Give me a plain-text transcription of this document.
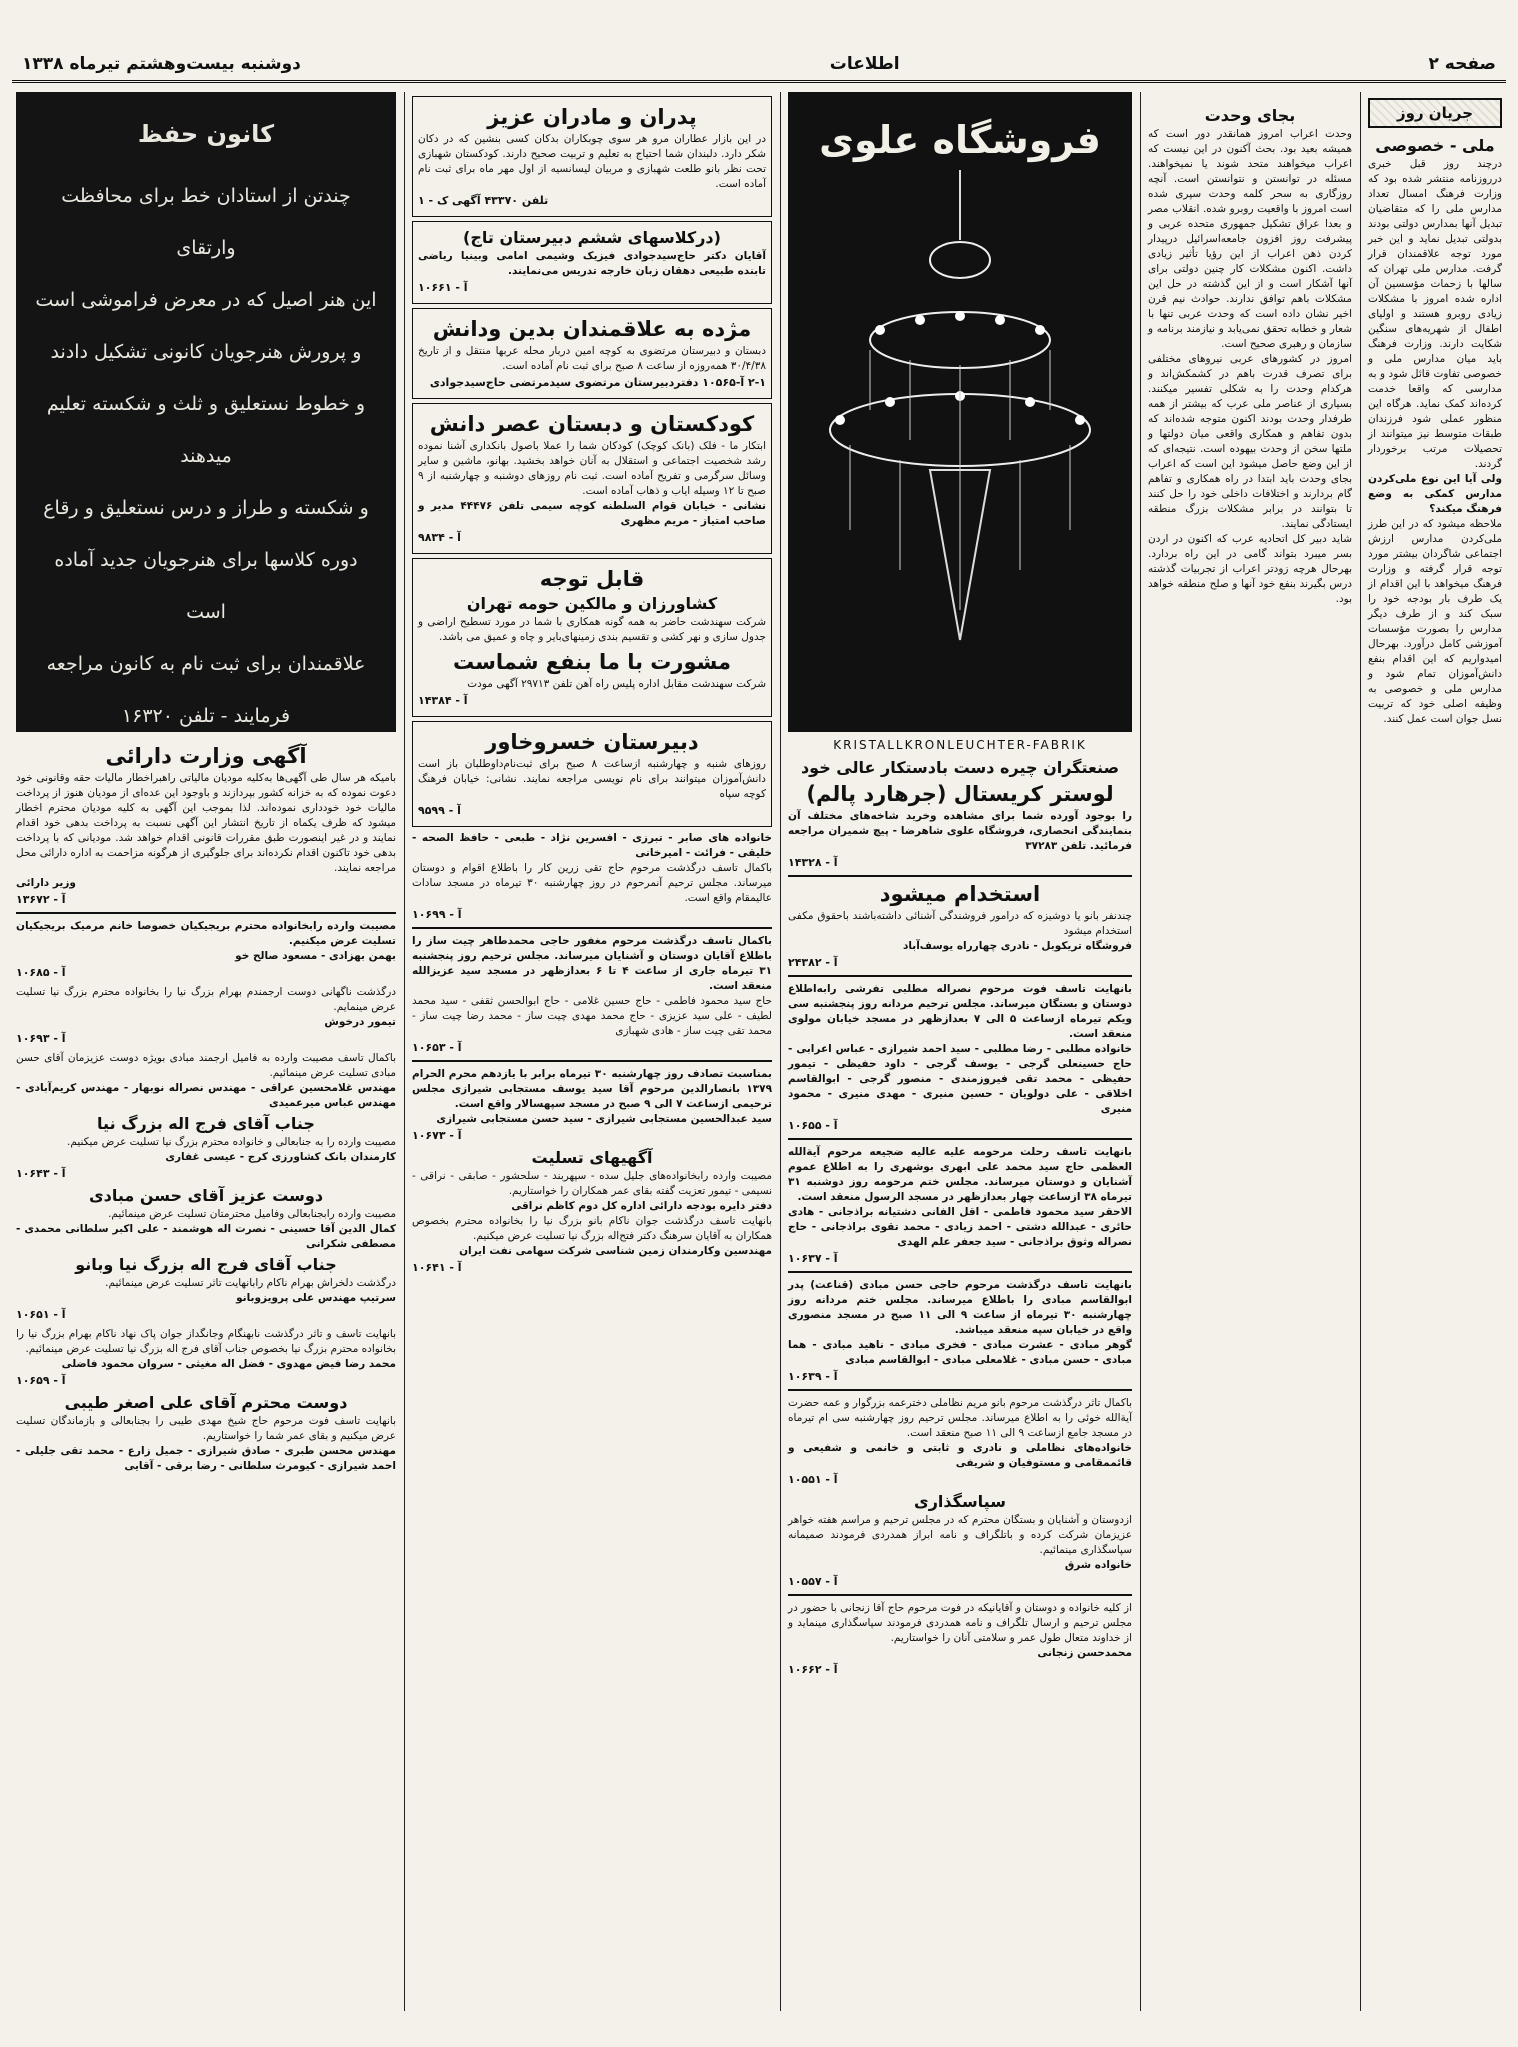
صفحه ۲
اطلاعات
دوشنبه بیست‌وهشتم تیرماه ۱۳۳۸
جریان روز
ملی - خصوصی

درچند روز قبل خبری درروزنامه منتشر شده بود که وزارت فرهنگ امسال تعداد مدارس ملی را که متقاضیان تبدیل آنها بمدارس دولتی بودند بدولتی تبدیل نماید و این خبر مورد توجه علاقمندان قرار گرفت. مدارس ملی تهران که سالها با زحمات مؤسسین آن اداره شده امروز با مشکلات زیادی روبرو هستند و اولیای اطفال از شهریه‌های سنگین شکایت دارند. وزارت فرهنگ باید میان مدارس ملی و خصوصی تفاوت قائل شود و به مدارسی که واقعا خدمت کرده‌اند کمک نماید. هرگاه این منظور عملی شود فرزندان طبقات متوسط نیز میتوانند از تحصیلات مرتب برخوردار گردند.

ولی آیا این نوع ملی‌کردن مدارس کمکی به وضع فرهنگ میکند؟

ملاحظه میشود که در این طرز ملی‌کردن مدارس ارزش اجتماعی شاگردان بیشتر مورد توجه قرار گرفته و وزارت فرهنگ میخواهد با این اقدام از یک طرف بار بودجه خود را سبک کند و از طرف دیگر مدارس را بصورت مؤسسات آموزشی کامل درآورد. بهرحال امیدواریم که این اقدام بنفع دانش‌آموزان تمام شود و مدارس ملی و خصوصی به وظیفه اصلی خود که تربیت نسل جوان است عمل کنند.

بجای وحدت

وحدت اعراب امروز همانقدر دور است که همیشه بعید بود. بحث آکنون در این نیست که اعراب میخواهند متحد شوند یا نمیخواهند. مسئله در توانستن و نتوانستن است. آنچه روزگاری به سحر کلمه وحدت سپری شده است امروز با واقعیت روبرو شده. انقلاب مصر و بعدا عراق تشکیل جمهوری متحده عربی و پیشرفت روز افزون جامعه‌اسرائیل درپیدار کردن ذهن اعراب از این رؤیا تأثیر زیادی داشت. اکنون مشکلات کار چنین دولتی برای آنها آشکار است و از این گذشته در حل این مشکلات باهم توافق ندارند. حوادث نیم قرن اخیر نشان داده است که وحدت عربی تنها با شعار و خطابه تحقق نمی‌یابد و نیازمند برنامه و سازمان و رهبری صحیح است.

امروز در کشورهای عربی نیروهای مختلفی برای تصرف قدرت باهم در کشمکش‌اند و هرکدام وحدت را به شکلی تفسیر میکنند. بسیاری از عناصر ملی عرب که بیشتر از همه طرفدار وحدت بودند اکنون متوجه شده‌اند که بدون تفاهم و همکاری واقعی میان دولتها و ملتها سخن از وحدت بیهوده است. نتیجه‌ای که از این وضع حاصل میشود این است که اعراب بجای وحدت باید ابتدا در راه همکاری و تفاهم گام بردارند و اختلافات داخلی خود را حل کنند تا بتوانند در برابر مشکلات بزرگ منطقه ایستادگی نمایند.

شاید دبیر کل اتحادیه عرب که اکنون در اردن بسر میبرد بتواند گامی در این راه بردارد. بهرحال هرچه زودتر اعراب از تجربیات گذشته درس بگیرند بنفع خود آنها و صلح منطقه خواهد بود.

فروشگاه علوی
KRISTALLKRONLEUCHTER-FABRIK
صنعتگران چیره دست بادستکار عالی خود
لوستر کریستال (جرهارد پالم)

را بوجود آورده شما برای مشاهده وخرید شاخه‌های مختلف آن بنمایندگی انحصاری، فروشگاه علوی شاهرضا - پیچ شمیران مراجعه فرمائید. تلفن ۳۷۲۸۳

آ - ۱۴۳۲۸
استخدام میشود

چندنفر بانو یا دوشیزه که درامور فروشندگی آشنائی داشته‌باشند باحقوق مکفی استخدام میشود

فروشگاه تریکوبل - نادری چهارراه یوسف‌آباد

آ - ۲۴۳۸۲

بانهایت تاسف فوت مرحوم نصراله مطلبی تفرشی رابه‌اطلاع دوستان و بستگان میرساند. مجلس ترحیم مردانه روز پنجشنبه سی ویکم تیرماه ازساعت ۵ الی ۷ بعدازظهر در مسجد خیابان مولوی منعقد است.

خانواده مطلبی - رضا مطلبی - سید احمد شیرازی - عباس اعرابی - حاج حسینعلی گرجی - یوسف گرجی - داود حفیظی - تیمور حفیظی - محمد تقی فیروزمندی - منصور گرجی - ابوالقاسم اخلاقی - علی دولویان - حسین منیری - مهدی منیری - محمود منیری

آ - ۱۰۶۵۵

بانهایت تاسف رحلت مرحومه علیه عالیه ضجیعه مرحوم آیةالله العظمی حاج سید محمد علی ابهری بوشهری را به اطلاع عموم آشنایان و دوستان میرساند. مجلس ختم مرحومه روز دوشنبه ۳۱ تیرماه ۳۸ ازساعت چهار بعدازظهر در مسجد الرسول منعقد است.

الاحقر سید محمود فاطمی - اقل الفانی دشتیانه براذجانی - هادی حائری - عبدالله دشتی - احمد زیادی - محمد تقوی براذجانی - حاج نصراله وثوق براذجانی - سید جعفر علم الهدی

آ - ۱۰۶۳۷

بانهایت تاسف درگذشت مرحوم حاجی حسن مبادی (قناعت) پدر ابوالقاسم مبادی را باطلاع میرساند. مجلس ختم مردانه روز چهارشنبه ۳۰ تیرماه از ساعت ۹ الی ۱۱ صبح در مسجد منصوری واقع در خیابان سپه منعقد میباشد.

گوهر مبادی - عشرت مبادی - فخری مبادی - ناهید مبادی - هما مبادی - حسن مبادی - غلامعلی مبادی - ابوالقاسم مبادی

آ - ۱۰۶۳۹

باکمال تاثر درگذشت مرحوم بانو مریم نظاملی دخترعمه بزرگوار و عمه حضرت آیةالله خوئی را به اطلاع میرساند. مجلس ترحیم روز چهارشنبه سی ام تیرماه در مسجد جامع ازساعت ۹ الی ۱۱ صبح منعقد است.

خانواده‌های نظاملی و نادری و ثابتی و خانمی و شفیعی و قائممقامی و مستوفیان و شریفی

آ - ۱۰۵۵۱
سپاسگذاری

ازدوستان و آشنایان و بستگان محترم که در مجلس ترحیم و مراسم هفته خواهر عزیزمان شرکت کرده و باتلگراف و نامه ابراز همدردی فرمودند صمیمانه سپاسگذاری مینمائیم.

خانواده شرق

آ - ۱۰۵۵۷

از کلیه خانواده و دوستان و آقایانیکه در فوت مرحوم حاج آقا زنجانی با حضور در مجلس ترحیم و ارسال تلگراف و نامه همدردی فرمودند سپاسگذاری مینماید و از خداوند متعال طول عمر و سلامتی آنان را خواستاریم.

محمدحسن زنجانی

آ - ۱۰۶۶۲
پدران و مادران عزیز

در این بازار عطاران مرو هر سوی چوبکاران بدکان کسی بنشین که در دکان شکر دارد. دلبندان شما احتیاج به تعلیم و تربیت صحیح دارند. کودکستان شهبازی تحت نظر بانو طلعت شهبازی و مربیان لیسانسیه از اول مهر ماه برای ثبت نام آماده است.

تلفن ۴۳۳۷۰ آگهی ک - ۱
(درکلاسهای ششم دبیرستان تاج)

آقایان دکتر حاج‌سیدجوادی فیزیک وشیمی امامی وبینیا ریاضی تابنده طبیعی دهقان زبان خارجه تدریس می‌نمایند.

آ - ۱۰۶۶۱
مژده به علاقمندان بدین ودانش

دبستان و دبیرستان مرتضوی به کوچه امین دربار محله عربها منتقل و از تاریخ ۳۰/۴/۳۸ همه‌روزه از ساعت ۸ صبح برای ثبت نام آماده است.

۲-۱ آ-۱۰۵۶۵ دفتردبیرستان مرتضوی سیدمرتضی حاج‌سیدجوادی
کودکستان و دبستان عصر دانش

ابتکار ما - فلک (بانک کوچک) کودکان شما را عملا باصول بانکداری آشنا نموده رشد شخصیت اجتماعی و استقلال به آنان خواهد بخشید. بهانو، ماشین و سایر وسائل سرگرمی و تفریح آماده است. ثبت نام روزهای دوشنبه و چهارشنبه از ۹ صبح تا ۱۲ وسیله ایاب و ذهاب آماده است.

نشانی - خیابان قوام السلطنه کوچه سیمی تلفن ۴۴۴۷۶ مدیر و صاحب امتیاز - مریم مظهری

آ - ۹۸۳۴
قابل توجه
کشاورزان و مالکین حومه تهران

شرکت سهندشت حاضر به همه گونه همکاری با شما در مورد تسطیح اراضی و جدول سازی و نهر کشی و تقسیم بندی زمینهای‌بایر و چاه و عمیق می باشد.

مشورت با ما بنفع شماست

شرکت سهندشت مقابل اداره پلیس راه آهن تلفن ۲۹۷۱۳ آگهی مودت

آ - ۱۴۳۸۴
دبیرستان خسروخاور

روزهای شنبه و چهارشنبه ازساعت ۸ صبح برای ثبت‌نام‌داوطلبان باز است دانش‌آموزان میتوانند برای نام نویسی مراجعه نمایند. نشانی: خیابان فرهنگ کوچه سپاه

آ - ۹۵۹۹

خانواده های صابر - تبرزی - افسرین نژاد - طبعی - حافظ الصحه - خلیقی - فرائت - امیرخانی

باکمال تاسف درگذشت مرحوم حاج تقی زرین کار را باطلاع اقوام و دوستان میرساند. مجلس ترحیم آنمرحوم در روز چهارشنبه ۳۰ تیرماه در مسجد سادات عالیمقام واقع است.

آ - ۱۰۶۹۹

باکمال تاسف درگذشت مرحوم مغفور حاجی محمدطاهر چیت ساز را باطلاع آقایان دوستان و آشنایان میرساند. مجلس ترحیم روز پنجشنبه ۳۱ تیرماه جاری از ساعت ۴ تا ۶ بعدازظهر در مسجد سید عزیزالله منعقد است.

حاج سید محمود فاطمی - حاج حسین غلامی - حاج ابوالحسن ثقفی - سید محمد لطیف - علی سید عزیزی - حاج محمد مهدی چیت ساز - محمد رضا چیت ساز - محمد تقی چیت ساز - هادی شهبازی

آ - ۱۰۶۵۳

بمناسبت تصادف روز چهارشنبه ۳۰ تیرماه برابر با یازدهم محرم الحرام ۱۳۷۹ بانصارالدین مرحوم آقا سید یوسف مستجابی شیرازی مجلس ترحیمی ازساعت ۷ الی ۹ صبح در مسجد سپهسالار واقع است.

سید عبدالحسین مستجابی شیرازی - سید حسن مستجابی شیرازی

آ - ۱۰۶۷۳
آگهیهای تسلیت

مصیبت وارده رابخانواده‌های جلیل سده - سپهربند - سلحشور - صابقی - نراقی - نسیمی - تیمور تعزیت گفته بقای عمر همکاران را خواستاریم.

دفتر دایره بودجه دارائی اداره کل دوم کاظم نراقی

بانهایت تاسف درگذشت جوان ناکام بانو بزرگ نیا را بخانواده محترم بخصوص همکاران به آقایان سرهنگ دکتر فتح‌اله بزرگ نیا تسلیت عرض میکنیم.

مهندسین وکارمندان زمین شناسی شرکت سهامی نفت ایران

آ - ۱۰۶۴۱
کانون حفظ
چندتن از استادان خط برای محافظت وارتقای
این هنر اصیل که در معرض فراموشی است
و پرورش هنرجویان کانونی تشکیل دادند
و خطوط نستعلیق و ثلث و شکسته تعلیم میدهند
و شکسته و طراز و درس نستعلیق و رقاع
دوره کلاسها برای هنرجویان جدید آماده است
علاقمندان برای ثبت نام به کانون مراجعه
فرمایند - تلفن ۱۶۳۲۰
آگهی وزارت دارائی

بامیکه هر سال طی آگهی‌ها به‌کلیه مودیان مالیاتی راهبراخطار مالیات حقه وقانونی خود دعوت نموده که به خزانه کشور بپردازند و باوجود این عده‌ای از مودیان هنوز از پرداخت مالیات خود خودداری نموده‌اند. لذا بموجب این آگهی به کلیه مودیان محترم اخطار میشود که ظرف یکماه از تاریخ انتشار این آگهی نسبت به پرداخت بدهی خود اقدام نمایند و در غیر اینصورت طبق مقررات قانونی اقدام خواهد شد. مودیانی که با پرداخت بدهی خود تاکنون اقدام نکرده‌اند برای جلوگیری از هرگونه مزاحمت به اداره دارائی محل مراجعه نمایند.

وزیر دارائی

آ - ۱۳۶۷۲

مصیبت وارده رابخانواده محترم بریجیکیان خصوصا خانم مرمیک بریجیکیان تسلیت عرض میکنیم.

بهمن بهزادی - مسعود صالح خو

آ - ۱۰۶۸۵

درگذشت ناگهانی دوست ارجمندم بهرام بزرگ نیا را بخانواده محترم بزرگ نیا تسلیت عرض مینمایم.

تیمور درخوش

آ - ۱۰۶۹۳

باکمال تاسف مصیبت وارده به فامیل ارجمند مبادی بویژه دوست عزیزمان آقای حسن مبادی تسلیت عرض مینمائیم.

مهندس غلامحسین عراقی - مهندس نصراله نوبهار - مهندس کریم‌آبادی - مهندس عباس میرعمیدی

جناب آقای فرج اله بزرگ نیا

مصیبت وارده را به جنابعالی و خانواده محترم بزرگ نیا تسلیت عرض میکنیم.

کارمندان بانک کشاورزی کرج - عیسی غفاری

آ - ۱۰۶۴۳
دوست عزیز آقای حسن مبادی

مصیبت وارده رابجنابعالی وفامیل محترمتان تسلیت عرض مینمائیم.

کمال الدین آقا حسینی - نصرت اله هوشمند - علی اکبر سلطانی محمدی - مصطفی شکرانی

جناب آقای فرج اله بزرگ نیا وبانو

درگذشت دلخراش بهرام ناکام رابانهایت تاثر تسلیت عرض مینمائیم.

سرتیپ مهندس علی پرویزوبانو

آ - ۱۰۶۵۱

بانهایت تاسف و تاثر درگذشت نابهنگام وجانگداز جوان پاک نهاد ناکام بهرام بزرگ نیا را بخانواده محترم بزرگ نیا بخصوص جناب آقای فرج اله بزرگ نیا تسلیت عرض مینمائیم.

محمد رضا فیض مهدوی - فضل اله مغیثی - سروان محمود فاضلی

آ - ۱۰۶۵۹
دوست محترم آقای علی اصغر طیبی

بانهایت تاسف فوت مرحوم حاج شیخ مهدی طیبی را بجنابعالی و بازماندگان تسلیت عرض میکنیم و بقای عمر شما را خواستاریم.

مهندس محسن طبری - صادق شیرازی - جمیل زارع - محمد تقی جلیلی - احمد شیرازی - کیومرث سلطانی - رضا برقی - آقایی
